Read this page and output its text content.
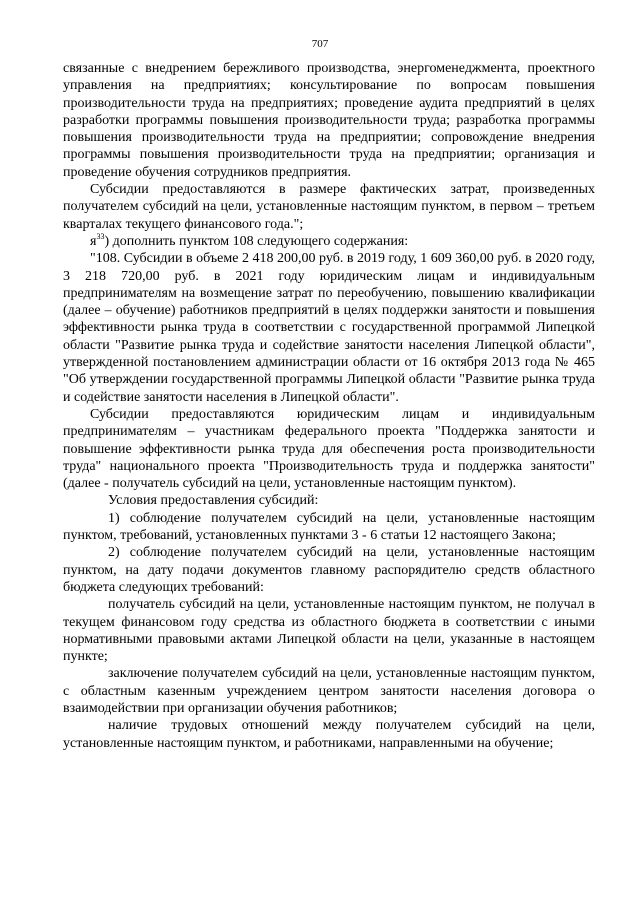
707

связанные с внедрением бережливого производства, энергоменеджмента, проектного управления на предприятиях; консультирование по вопросам повышения производительности труда на предприятиях; проведение аудита предприятий в целях разработки программы повышения производительности труда; разработка программы повышения производительности труда на предприятии; сопровождение внедрения программы повышения производительности труда на предприятии; организация и проведение обучения сотрудников предприятия.

Субсидии предоставляются в размере фактических затрат, произведенных получателем субсидий на цели, установленные настоящим пунктом, в первом – третьем кварталах текущего финансового года.";

$я^{33}$) дополнить пунктом 108 следующего содержания:

"108. Субсидии в объеме 2 418 200,00 руб. в 2019 году, 1 609 360,00 руб. в 2020 году, 3 218 720,00 руб. в 2021 году юридическим лицам и индивидуальным предпринимателям на возмещение затрат по переобучению, повышению квалификации (далее – обучение) работников предприятий в целях поддержки занятости и повышения эффективности рынка труда в соответствии с государственной программой Липецкой области "Развитие рынка труда и содействие занятости населения Липецкой области", утвержденной постановлением администрации области от 16 октября 2013 года № 465 "Об утверждении государственной программы Липецкой области "Развитие рынка труда и содействие занятости населения в Липецкой области".

Субсидии предоставляются юридическим лицам и индивидуальным предпринимателям – участникам федерального проекта "Поддержка занятости и повышение эффективности рынка труда для обеспечения роста производительности труда" национального проекта "Производительность труда и поддержка занятости" (далее - получатель субсидий на цели, установленные настоящим пунктом).

Условия предоставления субсидий:

1) соблюдение получателем субсидий на цели, установленные настоящим пунктом, требований, установленных пунктами 3 - 6 статьи 12 настоящего Закона;

2) соблюдение получателем субсидий на цели, установленные настоящим пунктом, на дату подачи документов главному распорядителю средств областного бюджета следующих требований:

получатель субсидий на цели, установленные настоящим пунктом, не получал в текущем финансовом году средства из областного бюджета в соответствии с иными нормативными правовыми актами Липецкой области на цели, указанные в настоящем пункте;

заключение получателем субсидий на цели, установленные настоящим пунктом, с областным казенным учреждением центром занятости населения договора о взаимодействии при организации обучения работников;

наличие трудовых отношений между получателем субсидий на цели, установленные настоящим пунктом, и работниками, направленными на обучение;
